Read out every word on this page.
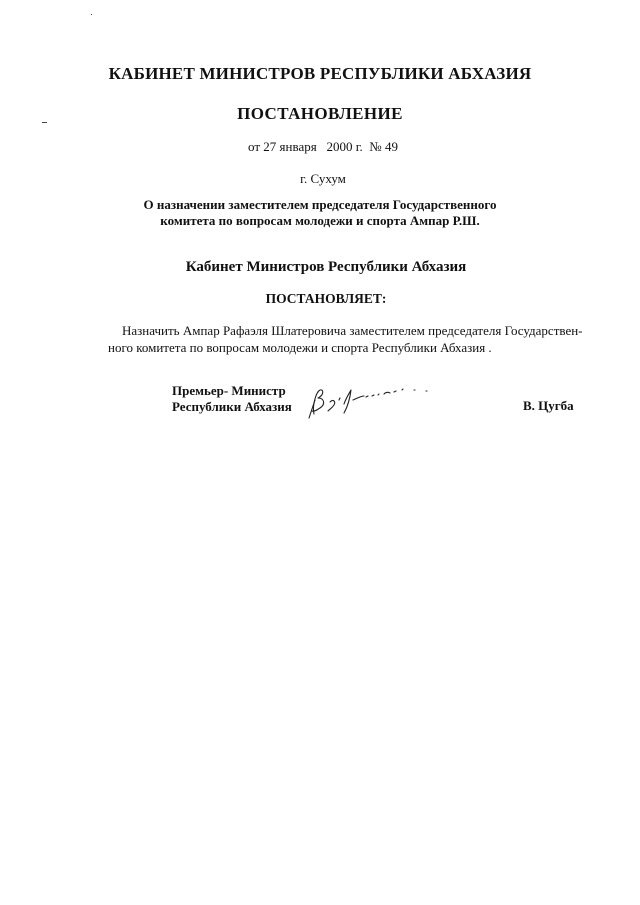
КАБИНЕТ МИНИСТРОВ РЕСПУБЛИКИ АБХАЗИЯ
ПОСТАНОВЛЕНИЕ
от 27 января   2000 г.  № 49
г. Сухум
О назначении заместителем председателя Государственного
комитета по вопросам молодежи и спорта Ампар Р.Ш.
Кабинет Министров Республики Абхазия
ПОСТАНОВЛЯЕТ:
Назначить Ампар Рафаэля Шлатеровича заместителем председателя Государствен-
ного комитета по вопросам молодежи и спорта Республики Абхазия .
Премьер- Министр
Республики Абхазия	В. Цугба
